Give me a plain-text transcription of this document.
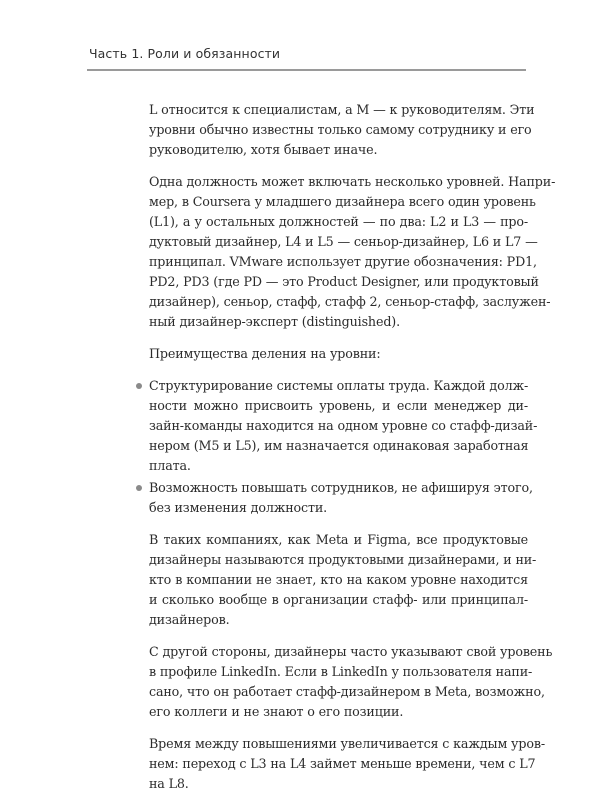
Часть 1. Роли и обязанности
L относится к специалистам, а M — к руководителям. Эти
уровни обычно известны только самому сотруднику и его
руководителю, хотя бывает иначе.
Одна должность может включать несколько уровней. Напри-
мер, в Coursera у младшего дизайнера всего один уровень
(L1), а у остальных должностей — по два: L2 и L3 — про-
дуктовый дизайнер, L4 и L5 — сеньор-дизайнер, L6 и L7 —
принципал. VMware использует другие обозначения: PD1,
PD2, PD3 (где PD — это Product Designer, или продуктовый
дизайнер), сеньор, стафф, стафф 2, сеньор-стафф, заслужен-
ный дизайнер-эксперт (distinguished).
Преимущества деления на уровни:
Структурирование системы оплаты труда. Каждой долж-
ности можно присвоить уровень, и если менеджер ди-
зайн-команды находится на одном уровне со стафф-дизай-
нером (M5 и L5), им назначается одинаковая заработная
плата.
Возможность повышать сотрудников, не афишируя этого,
без изменения должности.
В таких компаниях, как Meta и Figma, все продуктовые
дизайнеры называются продуктовыми дизайнерами, и ни-
кто в компании не знает, кто на каком уровне находится
и сколько вообще в организации стафф- или принципал-
дизайнеров.
С другой стороны, дизайнеры часто указывают свой уровень
в профиле LinkedIn. Если в LinkedIn у пользователя напи-
сано, что он работает стафф-дизайнером в Meta, возможно,
его коллеги и не знают о его позиции.
Время между повышениями увеличивается с каждым уров-
нем: переход с L3 на L4 займет меньше времени, чем с L7
на L8.
